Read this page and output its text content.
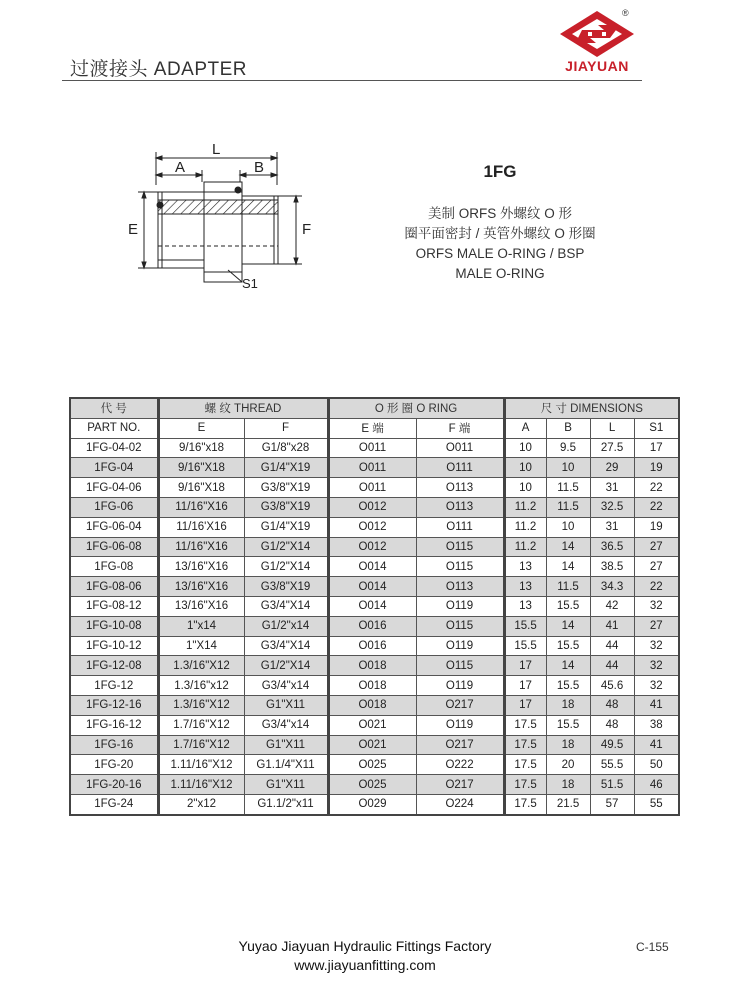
过渡接头 ADAPTER
®
JIAYUAN
L
A	B
E	F
S1
1FG
美制 ORFS 外螺纹 O 形
圈平面密封 / 英管外螺纹 O 形圈
ORFS MALE O-RING / BSP
MALE O-RING
代 号	螺 纹 THREAD		O 形 圈 O RING		尺 寸 DIMENSIONS			
PART NO.	E	F	E 端	F 端	A	B	L	S1
1FG-04-02	9/16"x18	G1/8"x28	O011	O011	10	9.5	27.5	17
1FG-04	9/16"X18	G1/4"X19	O011	O111	10	10	29	19
1FG-04-06	9/16"X18	G3/8"X19	O011	O113	10	11.5	31	22
1FG-06	11/16"X16	G3/8"X19	O012	O113	11.2	11.5	32.5	22
1FG-06-04	11/16'X16	G1/4"X19	O012	O111	11.2	10	31	19
1FG-06-08	11/16"X16	G1/2"X14	O012	O115	11.2	14	36.5	27
1FG-08	13/16"X16	G1/2"X14	O014	O115	13	14	38.5	27
1FG-08-06	13/16"X16	G3/8"X19	O014	O113	13	11.5	34.3	22
1FG-08-12	13/16"X16	G3/4"X14	O014	O119	13	15.5	42	32
1FG-10-08	1"x14	G1/2"x14	O016	O115	15.5	14	41	27
1FG-10-12	1"X14	G3/4"X14	O016	O119	15.5	15.5	44	32
1FG-12-08	1.3/16"X12	G1/2"X14	O018	O115	17	14	44	32
1FG-12	1.3/16"x12	G3/4"x14	O018	O119	17	15.5	45.6	32
1FG-12-16	1.3/16"X12	G1"X11	O018	O217	17	18	48	41
1FG-16-12	1.7/16"X12	G3/4"x14	O021	O119	17.5	15.5	48	38
1FG-16	1.7/16"X12	G1"X11	O021	O217	17.5	18	49.5	41
1FG-20	1.11/16"X12	G1.1/4"X11	O025	O222	17.5	20	55.5	50
1FG-20-16	1.11/16"X12	G1"X11	O025	O217	17.5	18	51.5	46
1FG-24	2"x12	G1.1/2"x11	O029	O224	17.5	21.5	57	55
Yuyao Jiayuan Hydraulic Fittings Factory
www.jiayuanfitting.com
C-155
